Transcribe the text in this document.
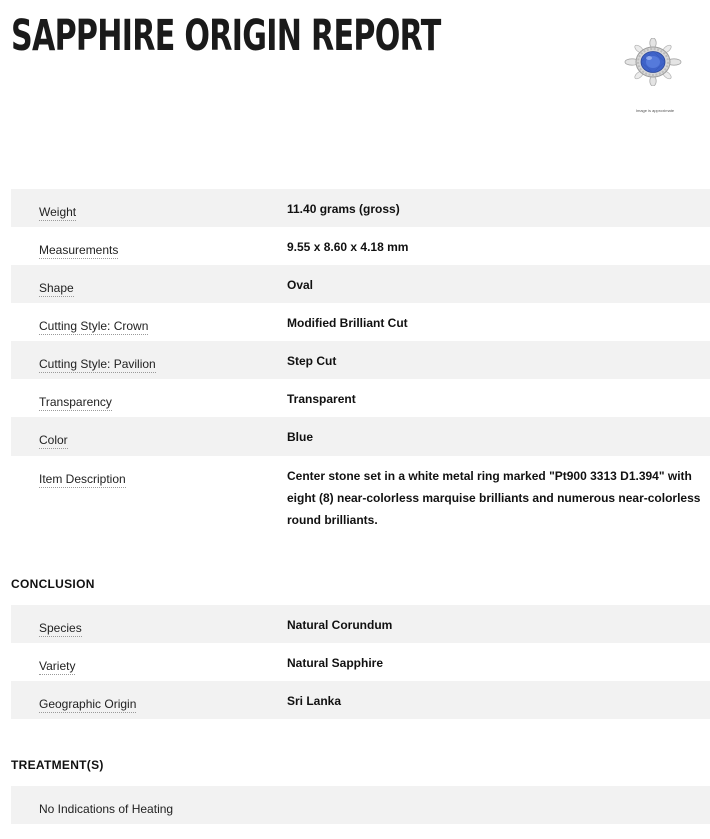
SAPPHIRE ORIGIN REPORT
Image is approximate
Weight	11.40 grams (gross)
Measurements	9.55 x 8.60 x 4.18 mm
Shape	Oval
Cutting Style: Crown	Modified Brilliant Cut
Cutting Style: Pavilion	Step Cut
Transparency	Transparent
Color	Blue
Item Description	Center stone set in a white metal ring marked "Pt900 3313 D1.394" with eight (8) near-colorless marquise brilliants and numerous near-colorless round brilliants.
CONCLUSION
Species	Natural Corundum
Variety	Natural Sapphire
Geographic Origin	Sri Lanka
TREATMENT(S)
No Indications of Heating
